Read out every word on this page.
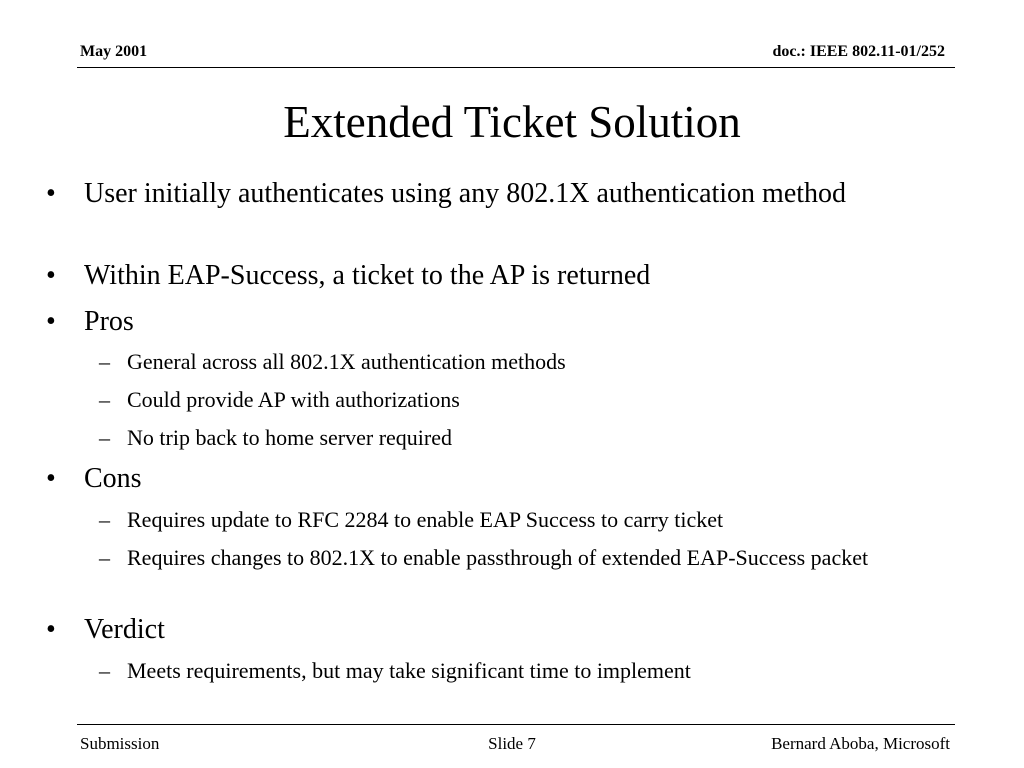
May 2001	doc.: IEEE 802.11-01/252
Extended Ticket Solution
•	User initially authenticates using any 802.1X authentication method
•	Within EAP-Success, a ticket to the AP is returned
•	Pros
– General across all 802.1X authentication methods
– Could provide AP with authorizations
– No trip back to home server required
•	Cons
– Requires update to RFC 2284 to enable EAP Success to carry ticket
– Requires changes to 802.1X to enable passthrough of extended EAP-Success packet
•	Verdict
– Meets requirements, but may take significant time to implement
Submission	Slide 7	Bernard Aboba, Microsoft
